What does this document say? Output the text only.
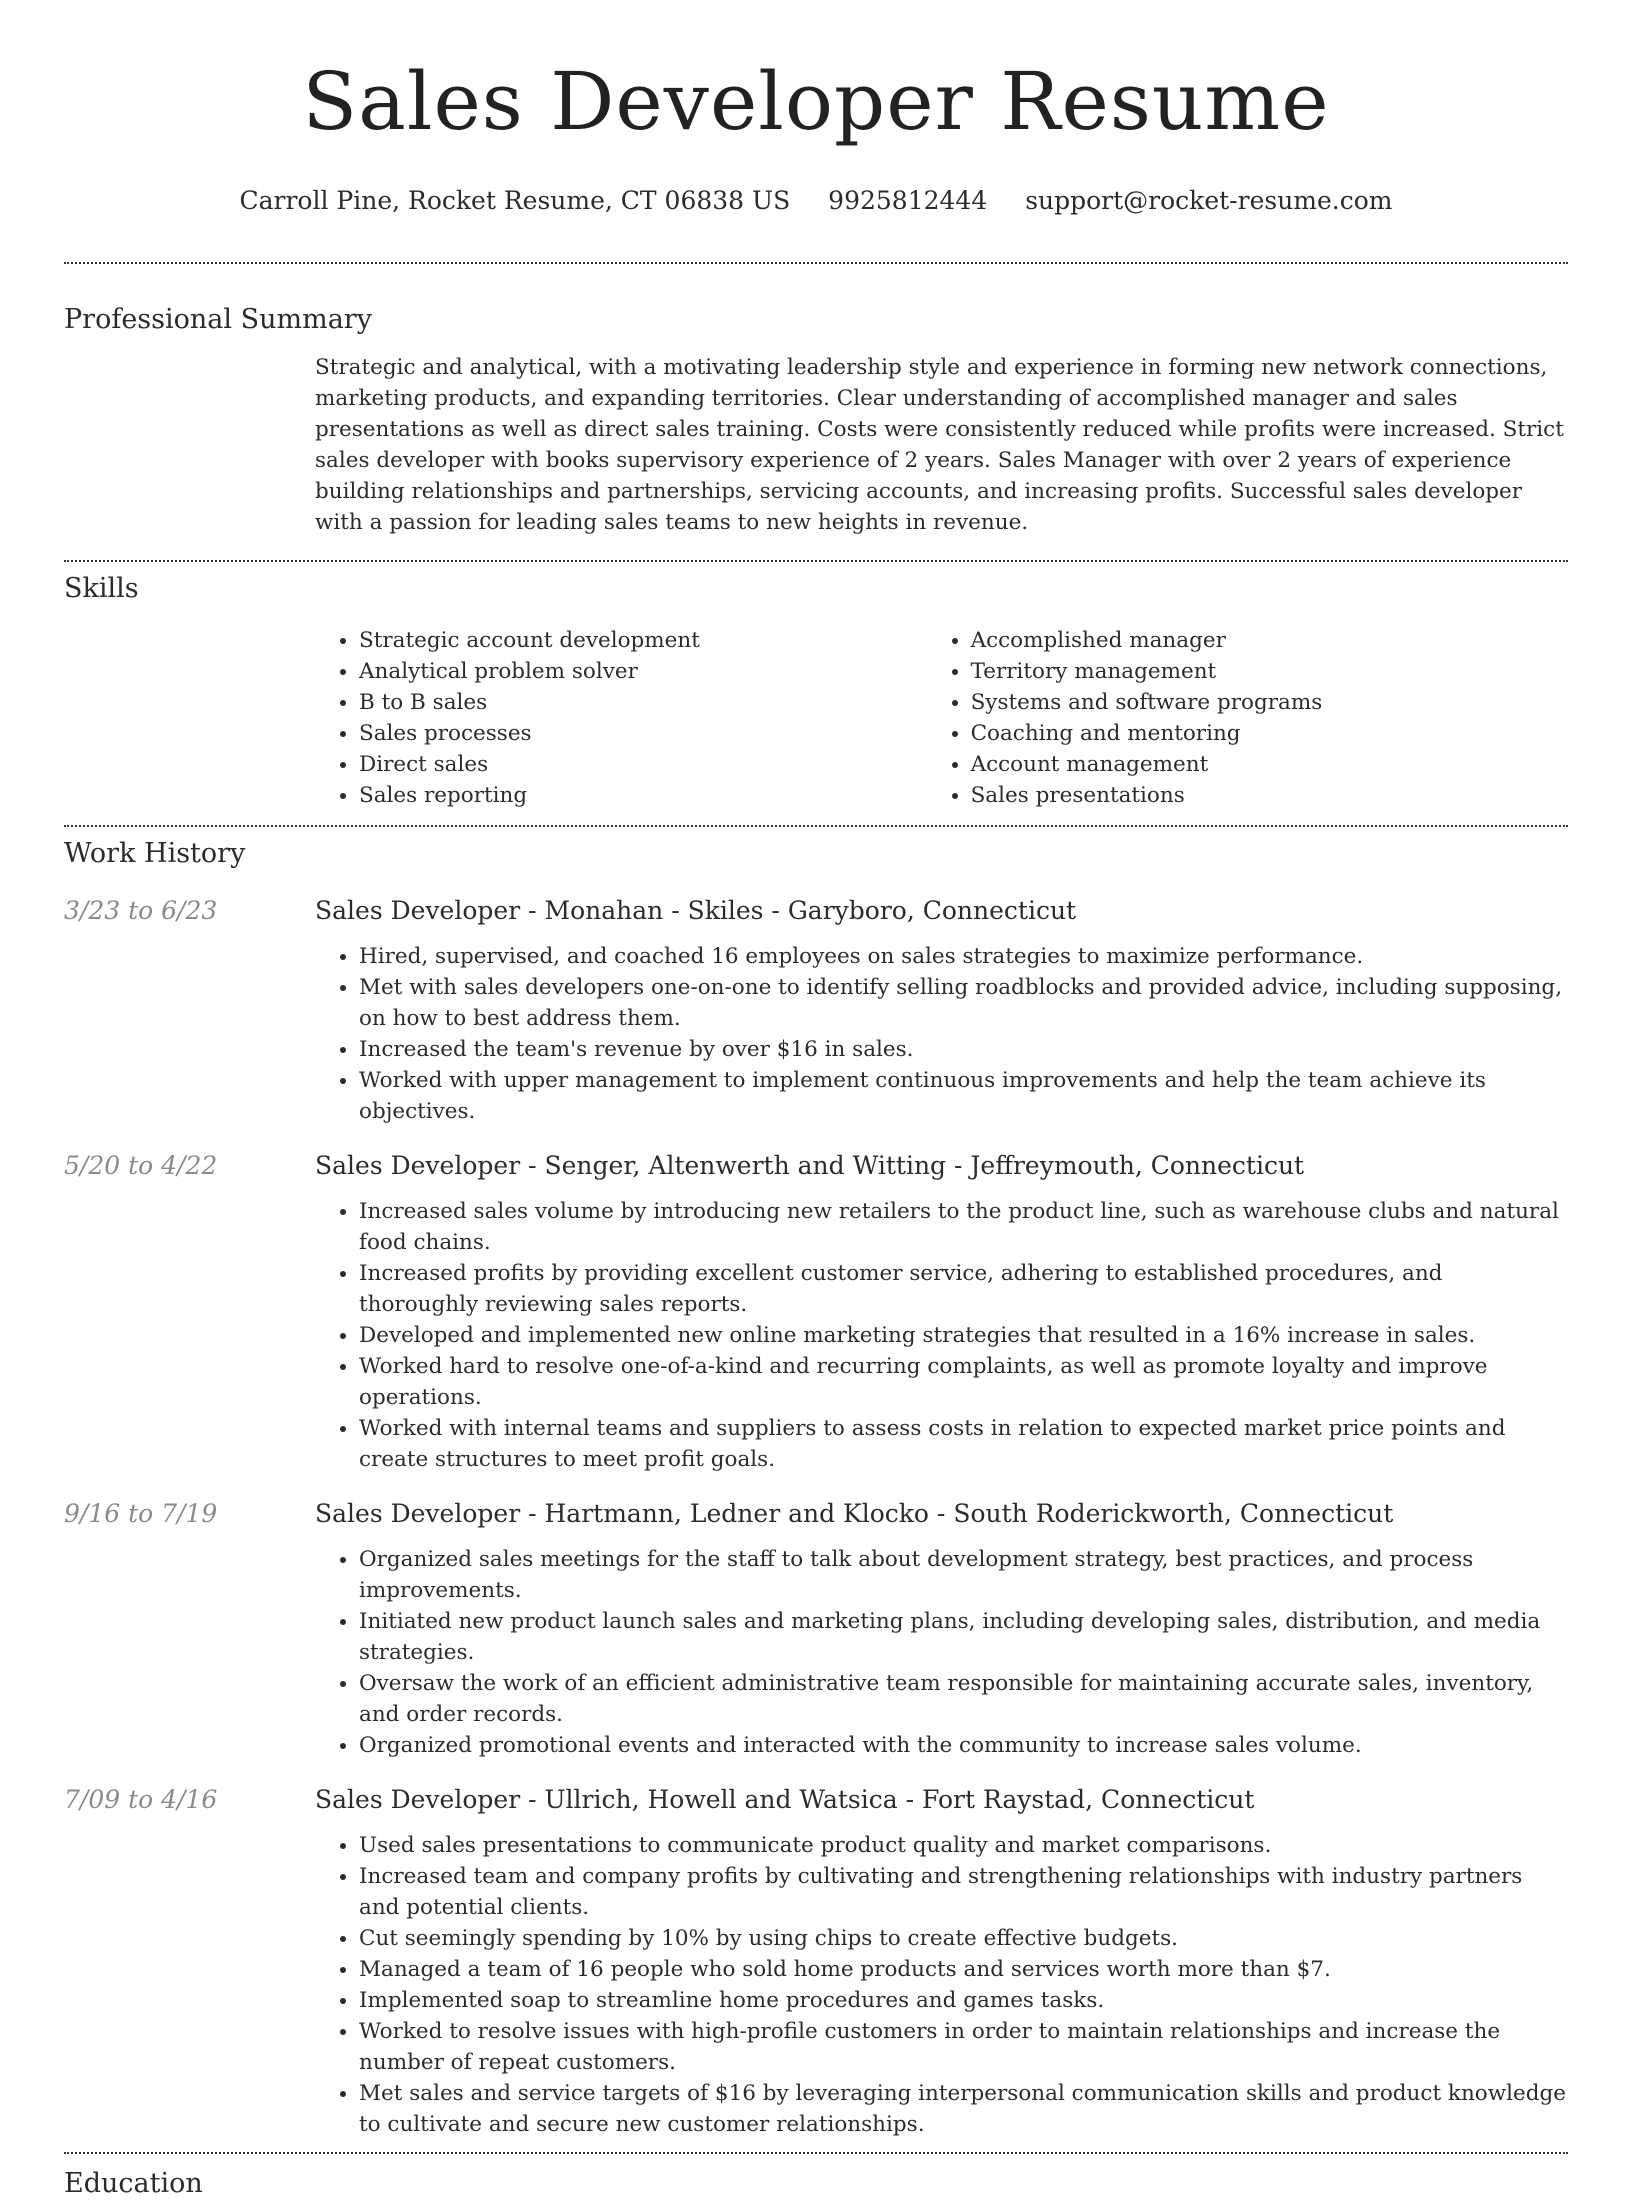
Sales Developer Resume
Carroll Pine, Rocket Resume, CT 06838 US 9925812444 support@rocket-resume.com
Professional Summary

Strategic and analytical, with a motivating leadership style and experience in forming new network connections, marketing products, and expanding territories. Clear understanding of accomplished manager and sales presentations as well as direct sales training. Costs were consistently reduced while profits were increased. Strict sales developer with books supervisory experience of 2 years. Sales Manager with over 2 years of experience building relationships and partnerships, servicing accounts, and increasing profits. Successful sales developer with a passion for leading sales teams to new heights in revenue.

Skills
• Strategic account development
• Analytical problem solver
• B to B sales
• Sales processes
• Direct sales
• Sales reporting
• Accomplished manager
• Territory management
• Systems and software programs
• Coaching and mentoring
• Account management
• Sales presentations
Work History
3/23 to 6/23	Sales Developer - Monahan - Skiles - Garyboro, Connecticut
• Hired, supervised, and coached 16 employees on sales strategies to maximize performance.
• Met with sales developers one-on-one to identify selling roadblocks and provided advice, including supposing, on how to best address them.
• Increased the team's revenue by over $16 in sales.
• Worked with upper management to implement continuous improvements and help the team achieve its objectives.
5/20 to 4/22	Sales Developer - Senger, Altenwerth and Witting - Jeffreymouth, Connecticut
• Increased sales volume by introducing new retailers to the product line, such as warehouse clubs and natural food chains.
• Increased profits by providing excellent customer service, adhering to established procedures, and thoroughly reviewing sales reports.
• Developed and implemented new online marketing strategies that resulted in a 16% increase in sales.
• Worked hard to resolve one-of-a-kind and recurring complaints, as well as promote loyalty and improve operations.
• Worked with internal teams and suppliers to assess costs in relation to expected market price points and create structures to meet profit goals.
9/16 to 7/19	Sales Developer - Hartmann, Ledner and Klocko - South Roderickworth, Connecticut
• Organized sales meetings for the staff to talk about development strategy, best practices, and process improvements.
• Initiated new product launch sales and marketing plans, including developing sales, distribution, and media strategies.
• Oversaw the work of an efficient administrative team responsible for maintaining accurate sales, inventory, and order records.
• Organized promotional events and interacted with the community to increase sales volume.
7/09 to 4/16	Sales Developer - Ullrich, Howell and Watsica - Fort Raystad, Connecticut
• Used sales presentations to communicate product quality and market comparisons.
• Increased team and company profits by cultivating and strengthening relationships with industry partners and potential clients.
• Cut seemingly spending by 10% by using chips to create effective budgets.
• Managed a team of 16 people who sold home products and services worth more than $7.
• Implemented soap to streamline home procedures and games tasks.
• Worked to resolve issues with high-profile customers in order to maintain relationships and increase the number of repeat customers.
• Met sales and service targets of $16 by leveraging interpersonal communication skills and product knowledge to cultivate and secure new customer relationships.
Education
